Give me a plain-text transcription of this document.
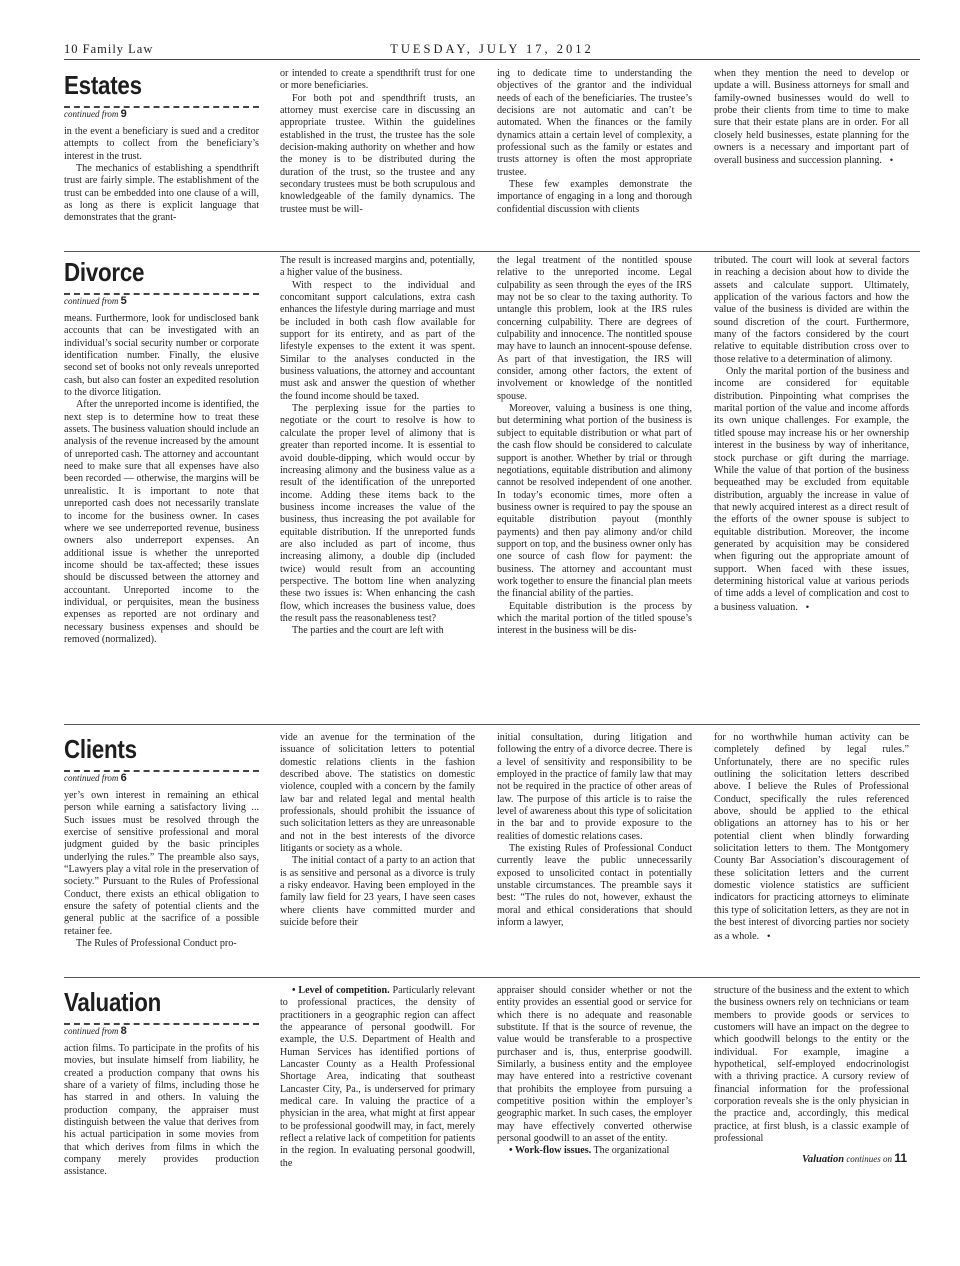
10 Family Law	TUESDAY, JULY 17, 2012
Estates
continued from 9

in the event a beneficiary is sued and a creditor attempts to collect from the beneficiary’s interest in the trust.

The mechanics of establishing a spendthrift trust are fairly simple. The establishment of the trust can be embedded into one clause of a will, as long as there is explicit language that demonstrates that the grant-

or intended to create a spendthrift trust for one or more beneficiaries.

For both pot and spendthrift trusts, an attorney must exercise care in discussing an appropriate trustee. Within the guidelines established in the trust, the trustee has the sole decision-making authority on whether and how the money is to be distributed during the duration of the trust, so the trustee and any secondary trustees must be both scrupulous and knowledgeable of the family dynamics. The trustee must be will-

ing to dedicate time to understanding the objectives of the grantor and the individual needs of each of the beneficiaries. The trustee’s decisions are not automatic and can’t be automated. When the finances or the family dynamics attain a certain level of complexity, a professional such as the family or estates and trusts attorney is often the most appropriate trustee.

These few examples demonstrate the importance of engaging in a long and thorough confidential discussion with clients

when they mention the need to develop or update a will. Business attorneys for small and family-owned businesses would do well to probe their clients from time to time to make sure that their estate plans are in order. For all closely held businesses, estate planning for the owners is a necessary and important part of overall business and succession planning. •

Divorce
continued from 5

means. Furthermore, look for undisclosed bank accounts that can be investigated with an individual’s social security number or corporate identification number. Finally, the elusive second set of books not only reveals unreported cash, but also can foster an expedited resolution to the divorce litigation.

After the unreported income is identified, the next step is to determine how to treat these assets. The business valuation should include an analysis of the revenue increased by the amount of unreported cash. The attorney and accountant need to make sure that all expenses have also been recorded — otherwise, the margins will be unrealistic. It is important to note that unreported cash does not necessarily translate to income for the business owner. In cases where we see underreported revenue, business owners also underreport expenses. An additional issue is whether the unreported income should be tax-affected; these issues should be discussed between the attorney and accountant. Unreported income to the individual, or perquisites, mean the business expenses as reported are not ordinary and necessary business expenses and should be removed (normalized).

The result is increased margins and, potentially, a higher value of the business.

With respect to the individual and concomitant support calculations, extra cash enhances the lifestyle during marriage and must be included in both cash flow available for support for its entirety, and as part of the lifestyle expenses to the extent it was spent. Similar to the analyses conducted in the business valuations, the attorney and accountant must ask and answer the question of whether the found income should be taxed.

The perplexing issue for the parties to negotiate or the court to resolve is how to calculate the proper level of alimony that is greater than reported income. It is essential to avoid double-dipping, which would occur by increasing alimony and the business value as a result of the identification of the unreported income. Adding these items back to the business income increases the value of the business, thus increasing the pot available for equitable distribution. If the unreported funds are also included as part of income, thus increasing alimony, a double dip (included twice) would result from an accounting perspective. The bottom line when analyzing these two issues is: When enhancing the cash flow, which increases the business value, does the result pass the reasonableness test?

The parties and the court are left with

the legal treatment of the nontitled spouse relative to the unreported income. Legal culpability as seen through the eyes of the IRS may not be so clear to the taxing authority. To untangle this problem, look at the IRS rules concerning culpability. There are degrees of culpability and innocence. The nontitled spouse may have to launch an innocent-spouse defense. As part of that investigation, the IRS will consider, among other factors, the extent of involvement or knowledge of the nontitled spouse.

Moreover, valuing a business is one thing, but determining what portion of the business is subject to equitable distribution or what part of the cash flow should be considered to calculate support is another. Whether by trial or through negotiations, equitable distribution and alimony cannot be resolved independent of one another. In today’s economic times, more often a business owner is required to pay the spouse an equitable distribution payout (monthly payments) and then pay alimony and/or child support on top, and the business owner only has one source of cash flow for payment: the business. The attorney and accountant must work together to ensure the financial plan meets the financial ability of the parties.

Equitable distribution is the process by which the marital portion of the titled spouse’s interest in the business will be dis-

tributed. The court will look at several factors in reaching a decision about how to divide the assets and calculate support. Ultimately, application of the various factors and how the value of the business is divided are within the sound discretion of the court. Furthermore, many of the factors considered by the court relative to equitable distribution cross over to those relative to a determination of alimony.

Only the marital portion of the business and income are considered for equitable distribution. Pinpointing what comprises the marital portion of the value and income affords its own unique challenges. For example, the titled spouse may increase his or her ownership interest in the business by way of inheritance, stock purchase or gift during the marriage. While the value of that portion of the business bequeathed may be excluded from equitable distribution, arguably the increase in value of that newly acquired interest as a direct result of the efforts of the owner spouse is subject to equitable distribution. Moreover, the income generated by acquisition may be considered when figuring out the appropriate amount of support. When faced with these issues, determining historical value at various periods of time adds a level of complication and cost to a business valuation. •

Clients
continued from 6

yer’s own interest in remaining an ethical person while earning a satisfactory living ... Such issues must be resolved through the exercise of sensitive professional and moral judgment guided by the basic principles underlying the rules.” The preamble also says, “Lawyers play a vital role in the preservation of society.” Pursuant to the Rules of Professional Conduct, there exists an ethical obligation to ensure the safety of potential clients and the general public at the sacrifice of a possible retainer fee.

The Rules of Professional Conduct pro-

vide an avenue for the termination of the issuance of solicitation letters to potential domestic relations clients in the fashion described above. The statistics on domestic violence, coupled with a concern by the family law bar and related legal and mental health professionals, should prohibit the issuance of such solicitation letters as they are unreasonable and not in the best interests of the divorce litigants or society as a whole.

The initial contact of a party to an action that is as sensitive and personal as a divorce is truly a risky endeavor. Having been employed in the family law field for 23 years, I have seen cases where clients have committed murder and suicide before their

initial consultation, during litigation and following the entry of a divorce decree. There is a level of sensitivity and responsibility to be employed in the practice of family law that may not be required in the practice of other areas of law. The purpose of this article is to raise the level of awareness about this type of solicitation in the bar and to provide exposure to the realities of domestic relations cases.

The existing Rules of Professional Conduct currently leave the public unnecessarily exposed to unsolicited contact in potentially unstable circumstances. The preamble says it best: “The rules do not, however, exhaust the moral and ethical considerations that should inform a lawyer,

for no worthwhile human activity can be completely defined by legal rules.” Unfortunately, there are no specific rules outlining the solicitation letters described above. I believe the Rules of Professional Conduct, specifically the rules referenced above, should be applied to the ethical obligations an attorney has to his or her potential client when blindly forwarding solicitation letters to them. The Montgomery County Bar Association’s discouragement of these solicitation letters and the current domestic violence statistics are sufficient indicators for practicing attorneys to eliminate this type of solicitation letters, as they are not in the best interest of divorcing parties nor society as a whole. •

Valuation
continued from 8

action films. To participate in the profits of his movies, but insulate himself from liability, he created a production company that owns his share of a variety of films, including those he has starred in and others. In valuing the production company, the appraiser must distinguish between the value that derives from his actual participation in some movies from that which derives from films in which the company merely provides production assistance.

• Level of competition. Particularly relevant to professional practices, the density of practitioners in a geographic region can affect the appearance of personal goodwill. For example, the U.S. Department of Health and Human Services has identified portions of Lancaster County as a Health Professional Shortage Area, indicating that southeast Lancaster City, Pa., is underserved for primary medical care. In valuing the practice of a physician in the area, what might at first appear to be professional goodwill may, in fact, merely reflect a relative lack of competition for patients in the region. In evaluating personal goodwill, the

appraiser should consider whether or not the entity provides an essential good or service for which there is no adequate and reasonable substitute. If that is the source of revenue, the value would be transferable to a prospective purchaser and is, thus, enterprise goodwill. Similarly, a business entity and the employee may have entered into a restrictive covenant that prohibits the employee from pursuing a competitive position within the employer’s geographic market. In such cases, the employer may have effectively converted otherwise personal goodwill to an asset of the entity.

• Work-flow issues. The organizational

structure of the business and the extent to which the business owners rely on technicians or team members to provide goods or services to customers will have an impact on the degree to which goodwill belongs to the entity or the individual. For example, imagine a hypothetical, self-employed endocrinologist with a thriving practice. A cursory review of financial information for the professional corporation reveals she is the only physician in the practice and, accordingly, this medical practice, at first blush, is a classic example of professional

Valuation continues on 11
